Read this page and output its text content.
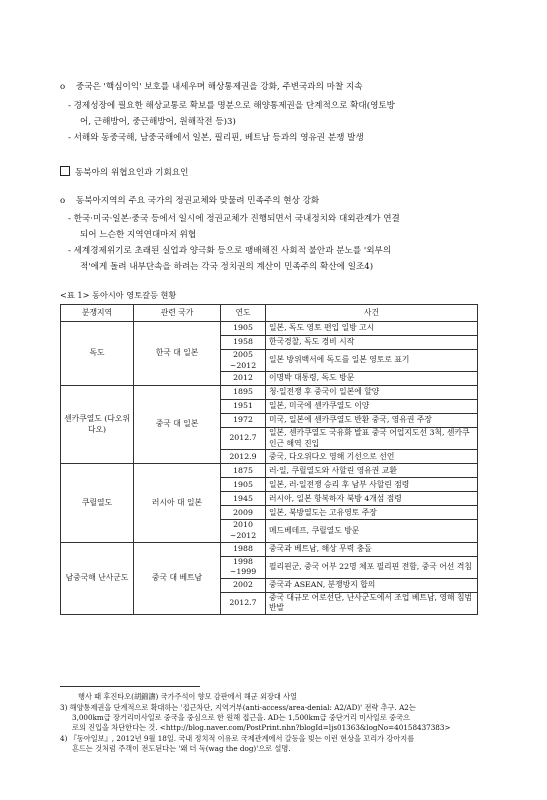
o 중국은 '핵심이익' 보호를 내세우며 해상통제권을 강화, 주변국과의 마찰 지속
- 경제성장에 필요한 해상교통로 확보를 명분으로 해양통제권을 단계적으로 확대(영토방
어, 근해방어, 중근해방어, 원해작전 등)3)
- 서해와 동중국해, 남중국해에서 일본, 필리핀, 베트남 등과의 영유권 분쟁 발생
동북아의 위협요인과 기회요인
o 동북아지역의 주요 국가의 정권교체와 맞물려 민족주의 현상 강화
- 한국·미국·일본·중국 등에서 일시에 정권교체가 진행되면서 국내정치와 대외관계가 연결
되어 느슨한 지역연대마저 위협
- 세계경제위기로 초래된 실업과 양극화 등으로 팽배해진 사회적 불안과 분노를 '외부의
적'에게 돌려 내부단속을 하려는 각국 정치권의 계산이 민족주의 확산에 일조4)
<표 1> 동아시아 영토갈등 현황
분쟁지역	관련 국가	연도	사건
독도	한국 대 일본	1905	일본, 독도 영토 편입 일방 고시
		1958	한국경찰, 독도 경비 시작
		2005 ~2012	일본 방위백서에 독도를 일본 영토로 표기
		2012	이명박 대통령, 독도 방문
센카쿠열도 (다오위다오)	중국 대 일본	1895	청·일전쟁 후 중국이 일본에 할양
		1951	일본, 미국에 센카쿠열도 이양
		1972	미국, 일본에 센카쿠열도 반환 중국, 영유권 주장
		2012.7	일본, 센카쿠열도 국유화 발표 중국 어업지도선 3척, 센카쿠 인근 해역 진입
		2012.9	중국, 다오위다오 영해 기선으로 선언
쿠릴열도	러시아 대 일본	1875	러·일, 쿠릴열도와 사할린 영유권 교환
		1905	일본, 러·일전쟁 승리 후 남부 사할린 점령
		1945	러시아, 일본 항복하자 북방 4개섬 점령
		2009	일본, 북방열도는 고유영토 주장
		2010 ~2012	메드베데프, 쿠릴열도 방문
남중국해 난사군도	중국 대 베트남	1988	중국과 베트남, 해상 무력 충돌
		1998 ~1999	필리핀군, 중국 어부 22명 체포 필리핀 전함, 중국 어선 격침
		2002	중국과 ASEAN, 분쟁방지 합의
		2012.7	중국 대규모 어로선단, 난사군도에서 조업 베트남, 영해 침범 반발
행사 때 후진타오(胡錦濤) 국가주석이 향모 감판에서 해군 외장대 사열
3) 해양통제권을 단계적으로 확대하는 '접근차단, 지역거부(anti-access/area-denial: A2/AD)' 전략 추구. A2는
3,000km급 장거리미사일로 중국을 중심으로 한 원해 접근을. AD는 1,500km급 중단거리 미사일로 중국으
로의 진입을 차단한다는 것. <http://blog.naver.com/PostPrint.nhn?blogId=ljs01363&logNo=40158437383>
4) 『동아일보』, 2012년 9월 18일. 국내 정치적 이유로 국제관계에서 갈등을 빚는 이런 현상을 꼬리가 강아지를
흔드는 것처럼 주객이 전도된다는 '왜 더 독(wag the dog)'으로 설명.
